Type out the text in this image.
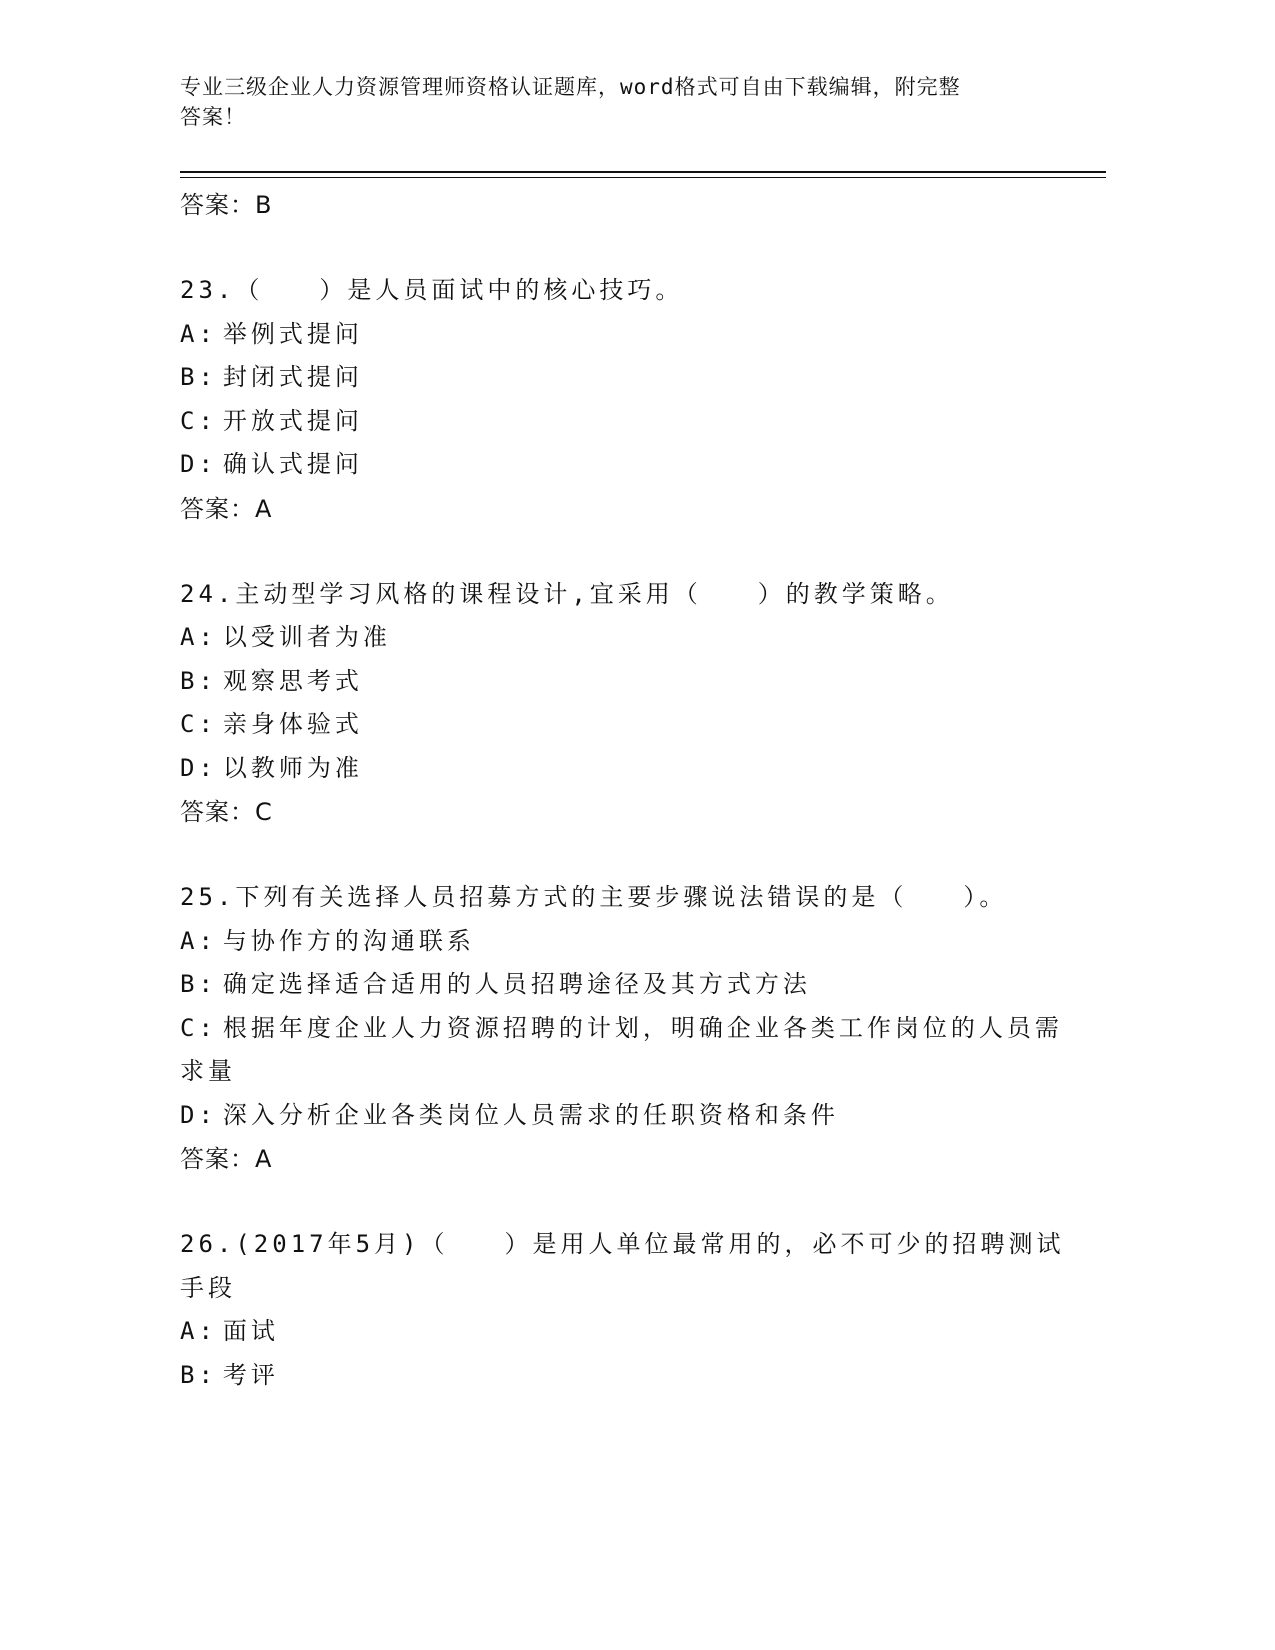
专业三级企业人力资源管理师资格认证题库，word格式可自由下载编辑，附完整
答案！
答案：B
23.（　　）是人员面试中的核心技巧。
A: 举例式提问
B: 封闭式提问
C: 开放式提问
D: 确认式提问
答案：A
24.主动型学习风格的课程设计,宜采用（　　）的教学策略。
A: 以受训者为准
B: 观察思考式
C: 亲身体验式
D: 以教师为准
答案：C
25.下列有关选择人员招募方式的主要步骤说法错误的是（　　）。
A: 与协作方的沟通联系
B: 确定选择适合适用的人员招聘途径及其方式方法
C: 根据年度企业人力资源招聘的计划，明确企业各类工作岗位的人员需求量
D: 深入分析企业各类岗位人员需求的任职资格和条件
答案：A
26.(2017年5月)（　　）是用人单位最常用的，必不可少的招聘测试手段
A: 面试
B: 考评
